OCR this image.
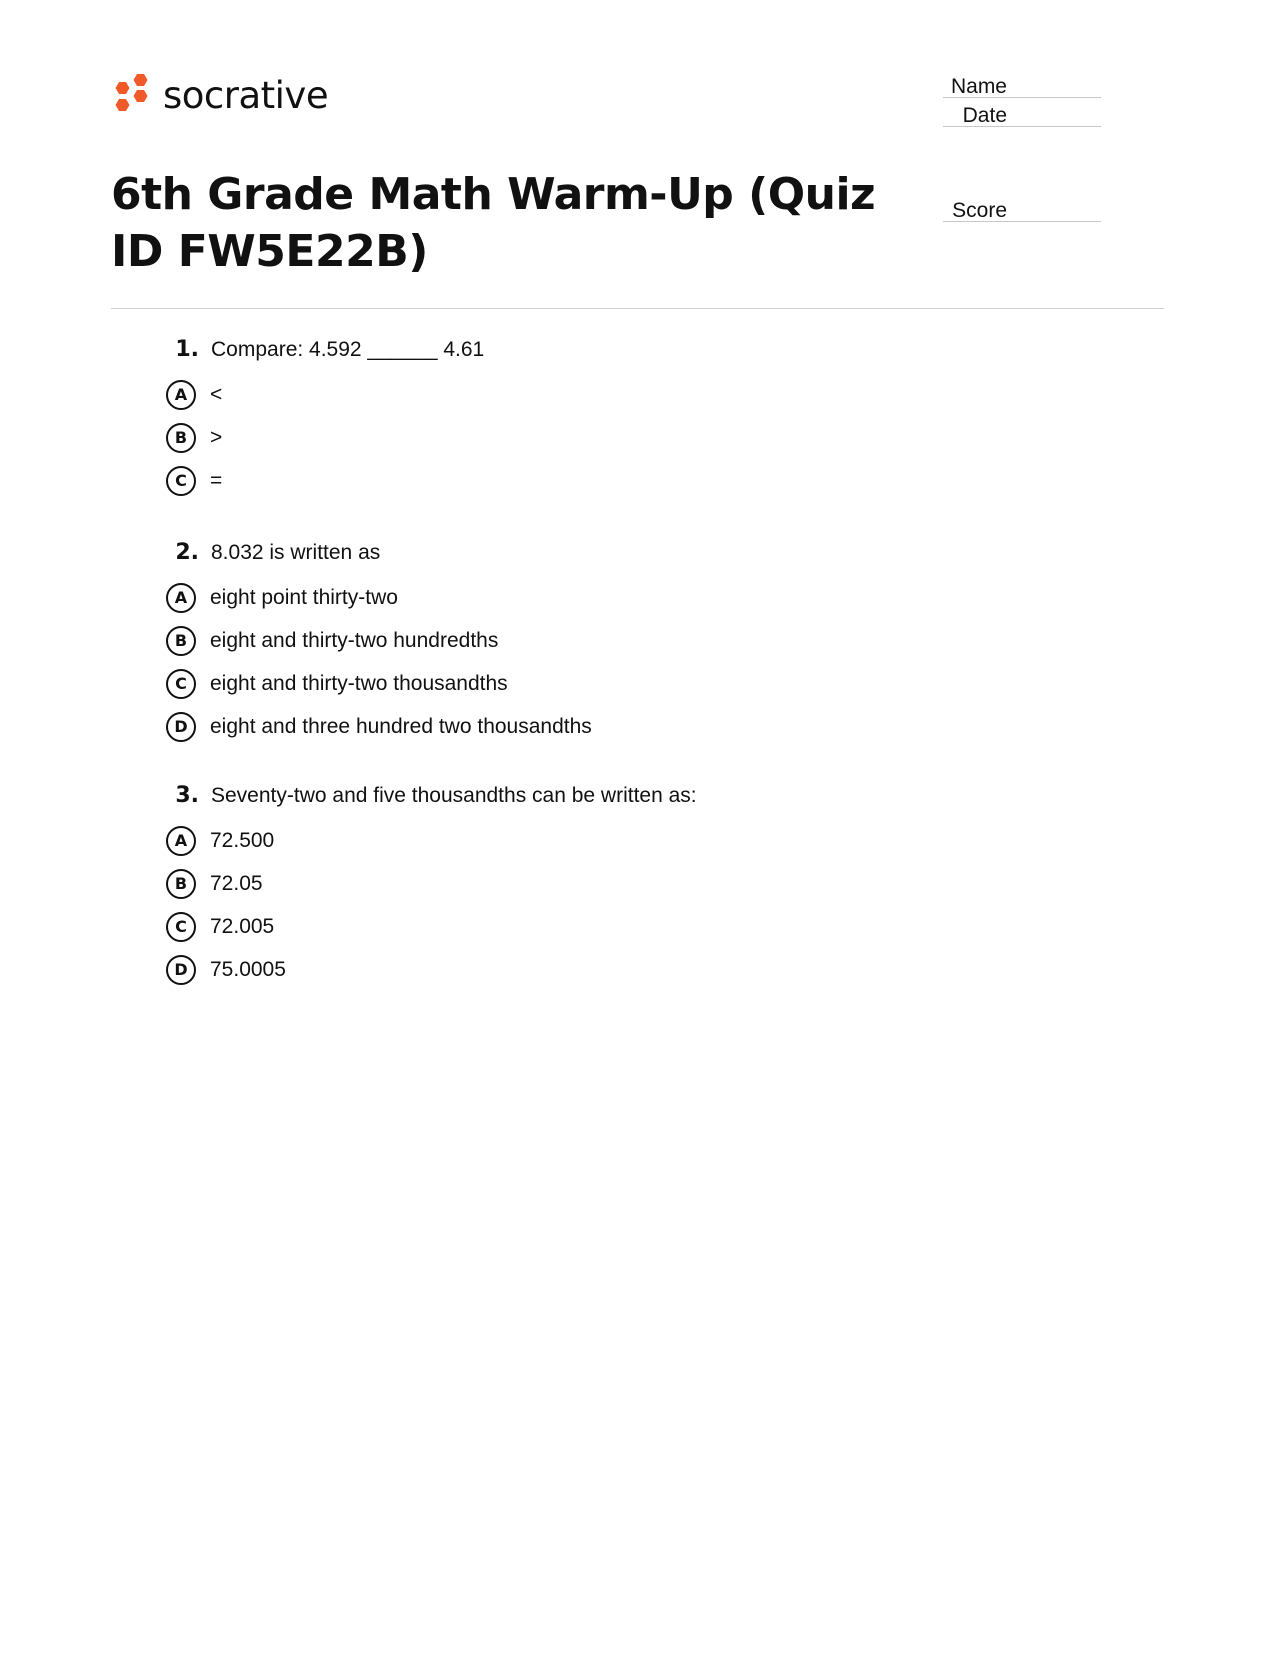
socrative	Name
Date
Score
6th Grade Math Warm-Up (Quiz ID FW5E22B)
1. Compare: 4.592 ______ 4.61
A	<
B	>
C	=
2. 8.032 is written as
A	eight point thirty-two
B	eight and thirty-two hundredths
C	eight and thirty-two thousandths
D	eight and three hundred two thousandths
3. Seventy-two and five thousandths can be written as:
A	72.500
B	72.05
C	72.005
D	75.0005
